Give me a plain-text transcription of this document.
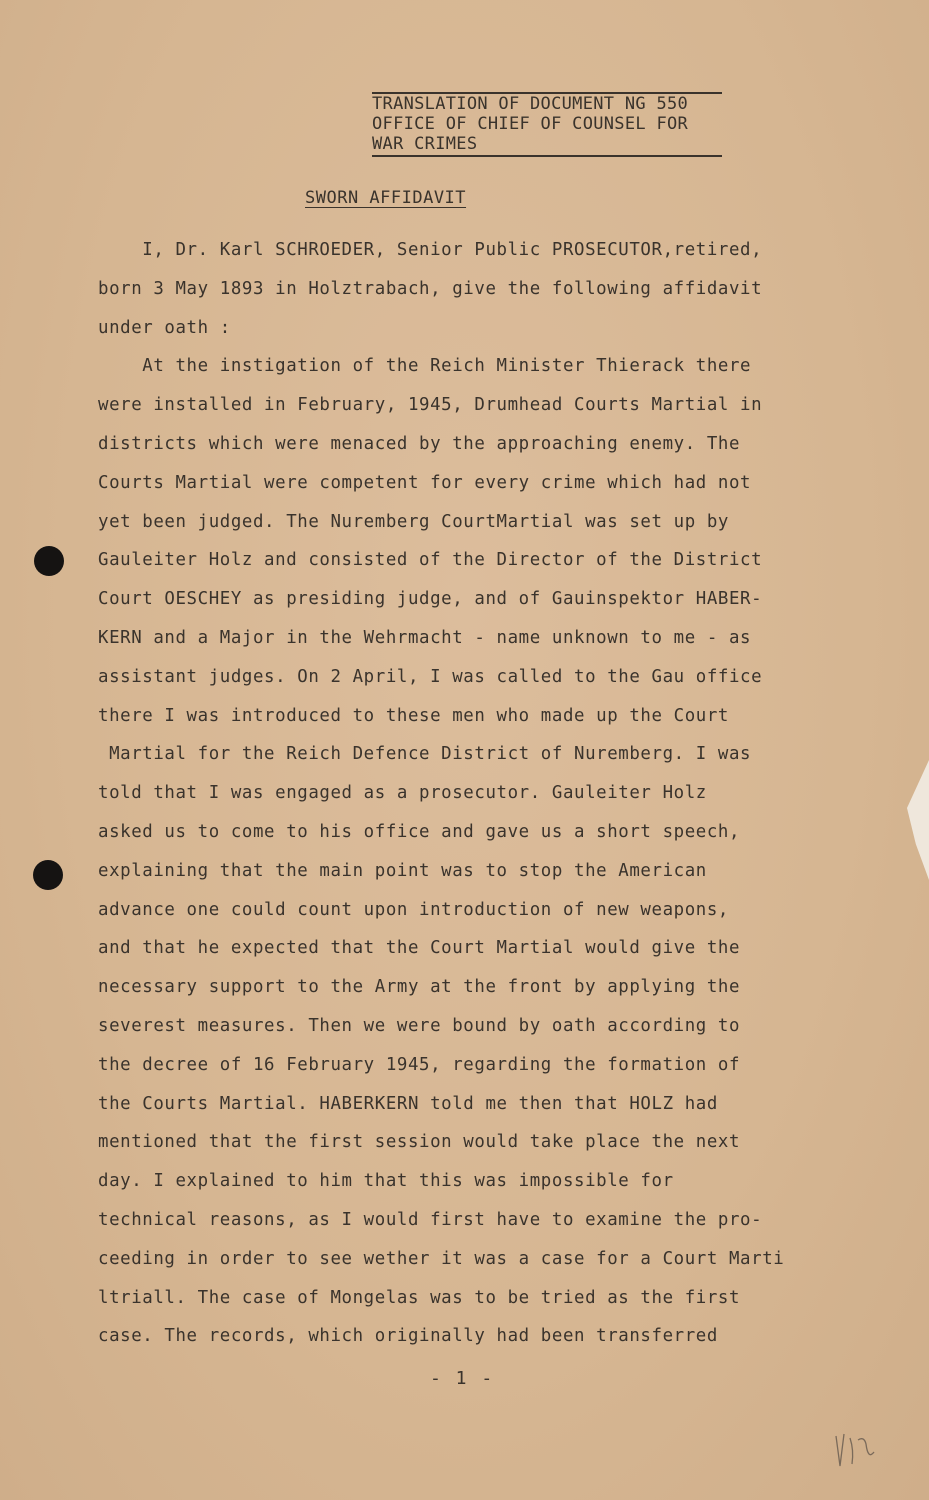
TRANSLATION OF DOCUMENT NG 550
OFFICE OF CHIEF OF COUNSEL FOR
WAR CRIMES
SWORN AFFIDAVIT
I, Dr. Karl SCHROEDER, Senior Public PROSECUTOR,retired,
born 3 May 1893 in Holztrabach, give the following affidavit
under oath :
At the instigation of the Reich Minister Thierack there
were installed in February, 1945, Drumhead Courts Martial in
districts which were menaced by the approaching enemy. The
Courts Martial were competent for every crime which had not
yet been judged. The Nuremberg CourtMartial was set up by
Gauleiter Holz and consisted of the Director of the District
Court OESCHEY as presiding judge, and of Gauinspektor HABER-
KERN and a Major in the Wehrmacht - name unknown to me - as
assistant judges. On 2 April, I was called to the Gau office
there I was introduced to these men who made up the Court
Martial for the Reich Defence District of Nuremberg. I was
told that I was engaged as a prosecutor. Gauleiter Holz
asked us to come to his office and gave us a short speech,
explaining that the main point was to stop the American
advance one could count upon introduction of new weapons,
and that he expected that the Court Martial would give the
necessary support to the Army at the front by applying the
severest measures. Then we were bound by oath according to
the decree of 16 February 1945, regarding the formation of
the Courts Martial. HABERKERN told me then that HOLZ had
mentioned that the first session would take place the next
day. I explained to him that this was impossible for
technical reasons, as I would first have to examine the pro-
ceeding in order to see wether it was a case for a Court Marti
ltriall. The case of Mongelas was to be tried as the first
case. The records, which originally had been transferred
- 1 -
